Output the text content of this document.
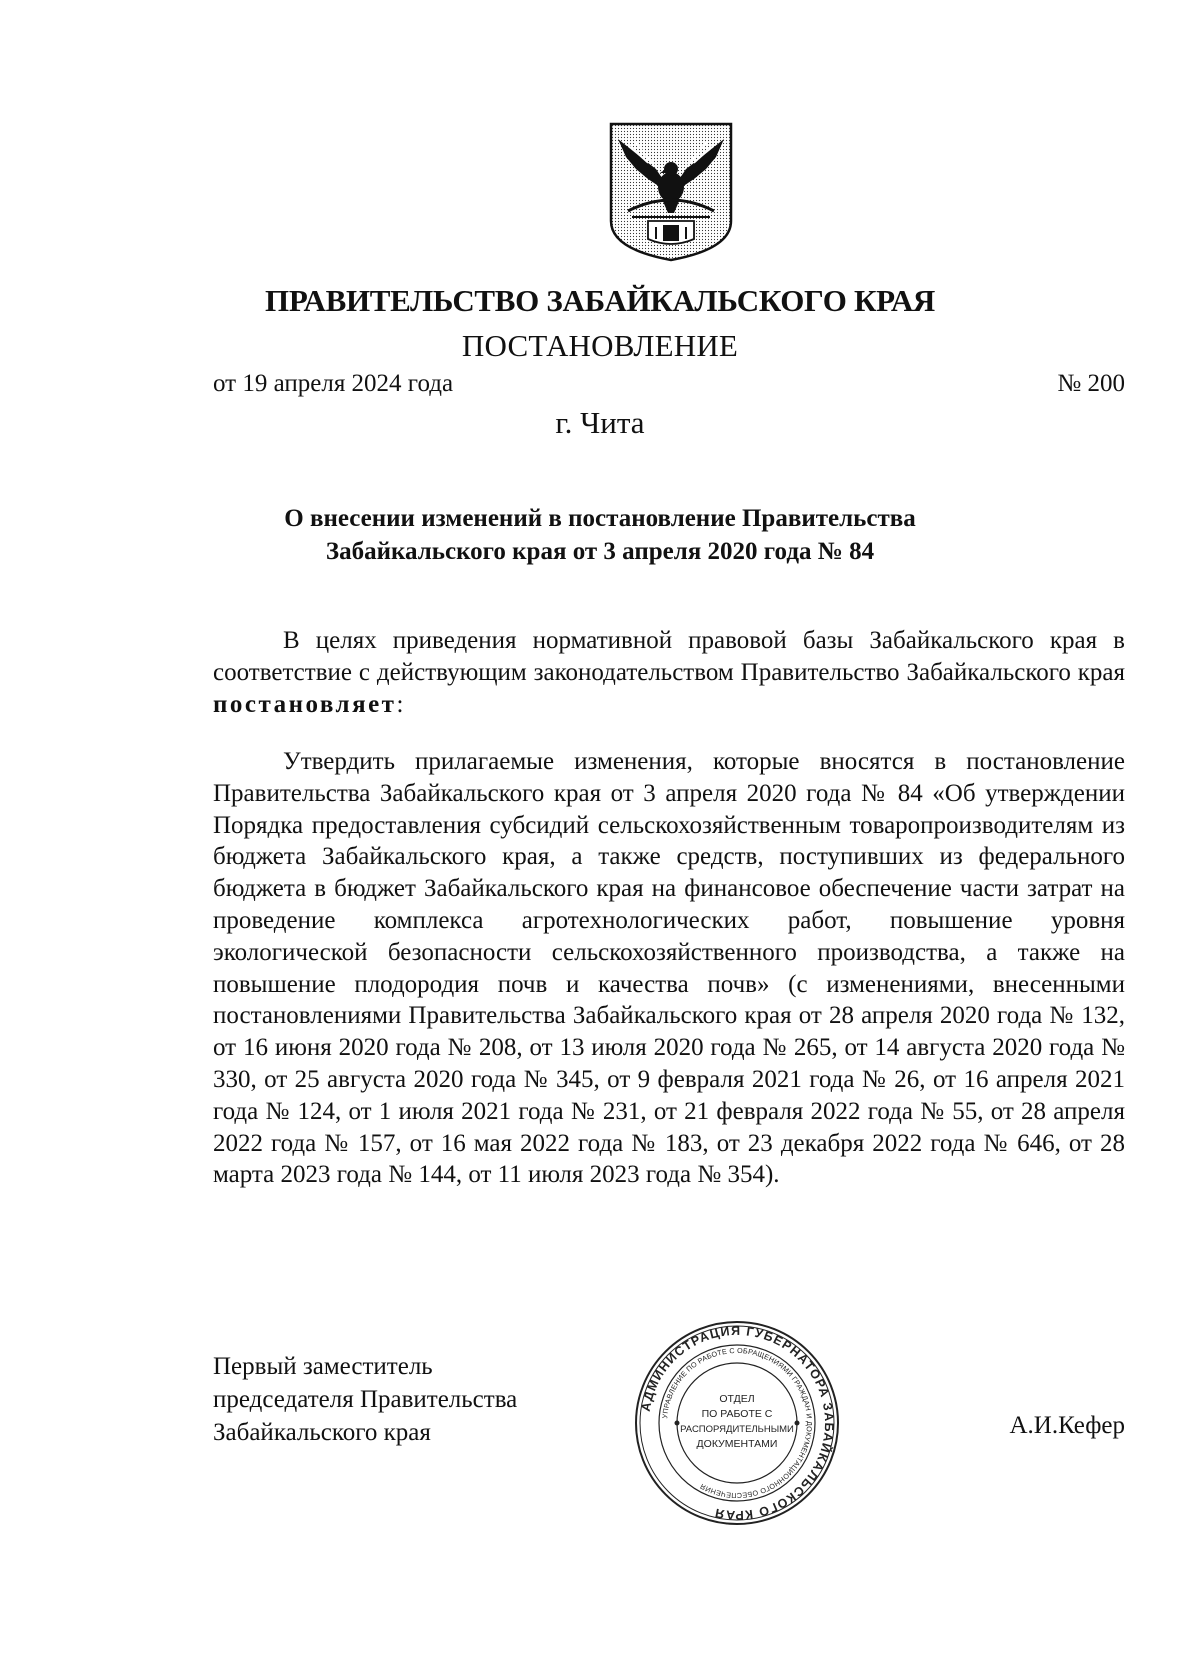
ПРАВИТЕЛЬСТВО ЗАБАЙКАЛЬСКОГО КРАЯ
ПОСТАНОВЛЕНИЕ
от 19 апреля 2024 года	№ 200
г. Чита
О внесении изменений в постановление Правительства
Забайкальского края от 3 апреля 2020 года № 84
В целях приведения нормативной правовой базы Забайкальского края в соответствие с действующим законодательством Правительство Забайкальского края постановляет:
Утвердить прилагаемые изменения, которые вносятся в постановление Правительства Забайкальского края от 3 апреля 2020 года № 84 «Об утверждении Порядка предоставления субсидий сельскохозяйственным товаропроизводителям из бюджета Забайкальского края, а также средств, поступивших из федерального бюджета в бюджет Забайкальского края на финансовое обеспечение части затрат на проведение комплекса агротехнологических работ, повышение уровня экологической безопасности сельскохозяйственного производства, а также на повышение плодородия почв и качества почв» (с изменениями, внесенными постановлениями Правительства Забайкальского края от 28 апреля 2020 года № 132, от 16 июня 2020 года № 208, от 13 июля 2020 года № 265, от 14 августа 2020 года № 330, от 25 августа 2020 года № 345, от 9 февраля 2021 года № 26, от 16 апреля 2021 года № 124, от 1 июля 2021 года № 231, от 21 февраля 2022 года № 55, от 28 апреля 2022 года № 157, от 16 мая 2022 года № 183, от 23 декабря 2022 года № 646, от 28 марта 2023 года № 144, от 11 июля 2023 года № 354).
Первый заместитель
председателя Правительства
Забайкальского края	А.И.Кефер
АДМИНИСТРАЦИЯ ГУБЕРНАТОРА ЗАБАЙКАЛЬСКОГО КРАЯ
УПРАВЛЕНИЕ ПО РАБОТЕ С ОБРАЩЕНИЯМИ ГРАЖДАН И ДОКУМЕНТАЦИОННОГО ОБЕСПЕЧЕНИЯ
ОТДЕЛ
ПО РАБОТЕ С
РАСПОРЯДИТЕЛЬНЫМИ
ДОКУМЕНТАМИ
